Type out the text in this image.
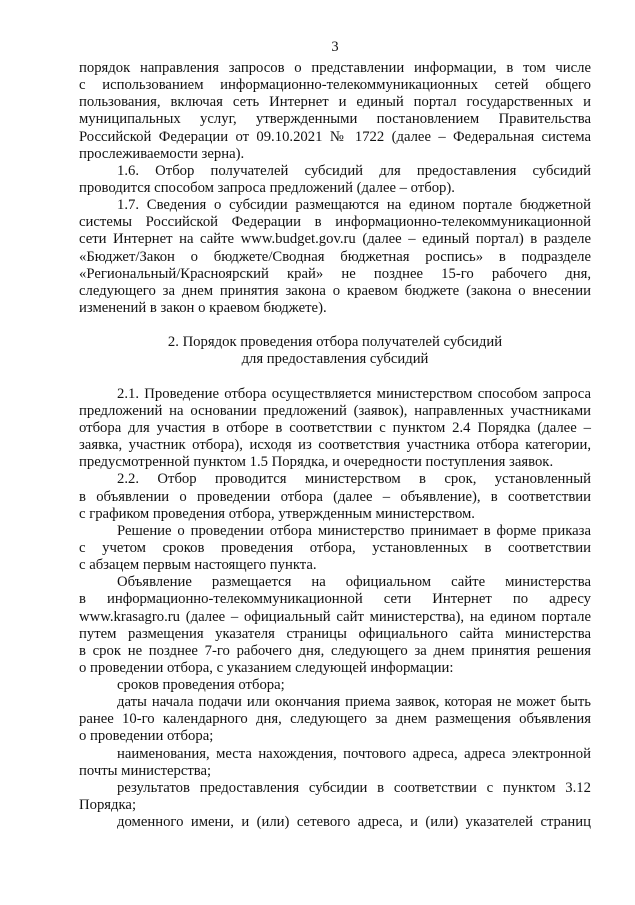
3
порядок направления запросов о представлении информации, в том числе
с использованием информационно-телекоммуникационных сетей общего
пользования, включая сеть Интернет и единый портал государственных и
муниципальных услуг, утвержденными постановлением Правительства
Российской Федерации от 09.10.2021 № 1722 (далее – Федеральная система
прослеживаемости зерна).
1.6. Отбор получателей субсидий для предоставления субсидий
проводится способом запроса предложений (далее – отбор).
1.7. Сведения о субсидии размещаются на едином портале бюджетной
системы Российской Федерации в информационно-телекоммуникационной
сети Интернет на сайте www.budget.gov.ru (далее – единый портал) в разделе
«Бюджет/Закон о бюджете/Сводная бюджетная роспись» в подразделе
«Региональный/Красноярский край» не позднее 15-го рабочего дня,
следующего за днем принятия закона о краевом бюджете (закона о внесении
изменений в закон о краевом бюджете).
2. Порядок проведения отбора получателей субсидий
для предоставления субсидий
2.1. Проведение отбора осуществляется министерством способом запроса
предложений на основании предложений (заявок), направленных участниками
отбора для участия в отборе в соответствии с пунктом 2.4 Порядка (далее –
заявка, участник отбора), исходя из соответствия участника отбора категории,
предусмотренной пунктом 1.5 Порядка, и очередности поступления заявок.
2.2. Отбор проводится министерством в срок, установленный
в объявлении о проведении отбора (далее – объявление), в соответствии
с графиком проведения отбора, утвержденным министерством.
Решение о проведении отбора министерство принимает в форме приказа
с учетом сроков проведения отбора, установленных в соответствии
с абзацем первым настоящего пункта.
Объявление размещается на официальном сайте министерства
в информационно-телекоммуникационной сети Интернет по адресу
www.krasagro.ru (далее – официальный сайт министерства), на едином портале
путем размещения указателя страницы официального сайта министерства
в срок не позднее 7-го рабочего дня, следующего за днем принятия решения
о проведении отбора, с указанием следующей информации:
сроков проведения отбора;
даты начала подачи или окончания приема заявок, которая не может быть
ранее 10-го календарного дня, следующего за днем размещения объявления
о проведении отбора;
наименования, места нахождения, почтового адреса, адреса электронной
почты министерства;
результатов предоставления субсидии в соответствии с пунктом 3.12
Порядка;
доменного имени, и (или) сетевого адреса, и (или) указателей страниц
